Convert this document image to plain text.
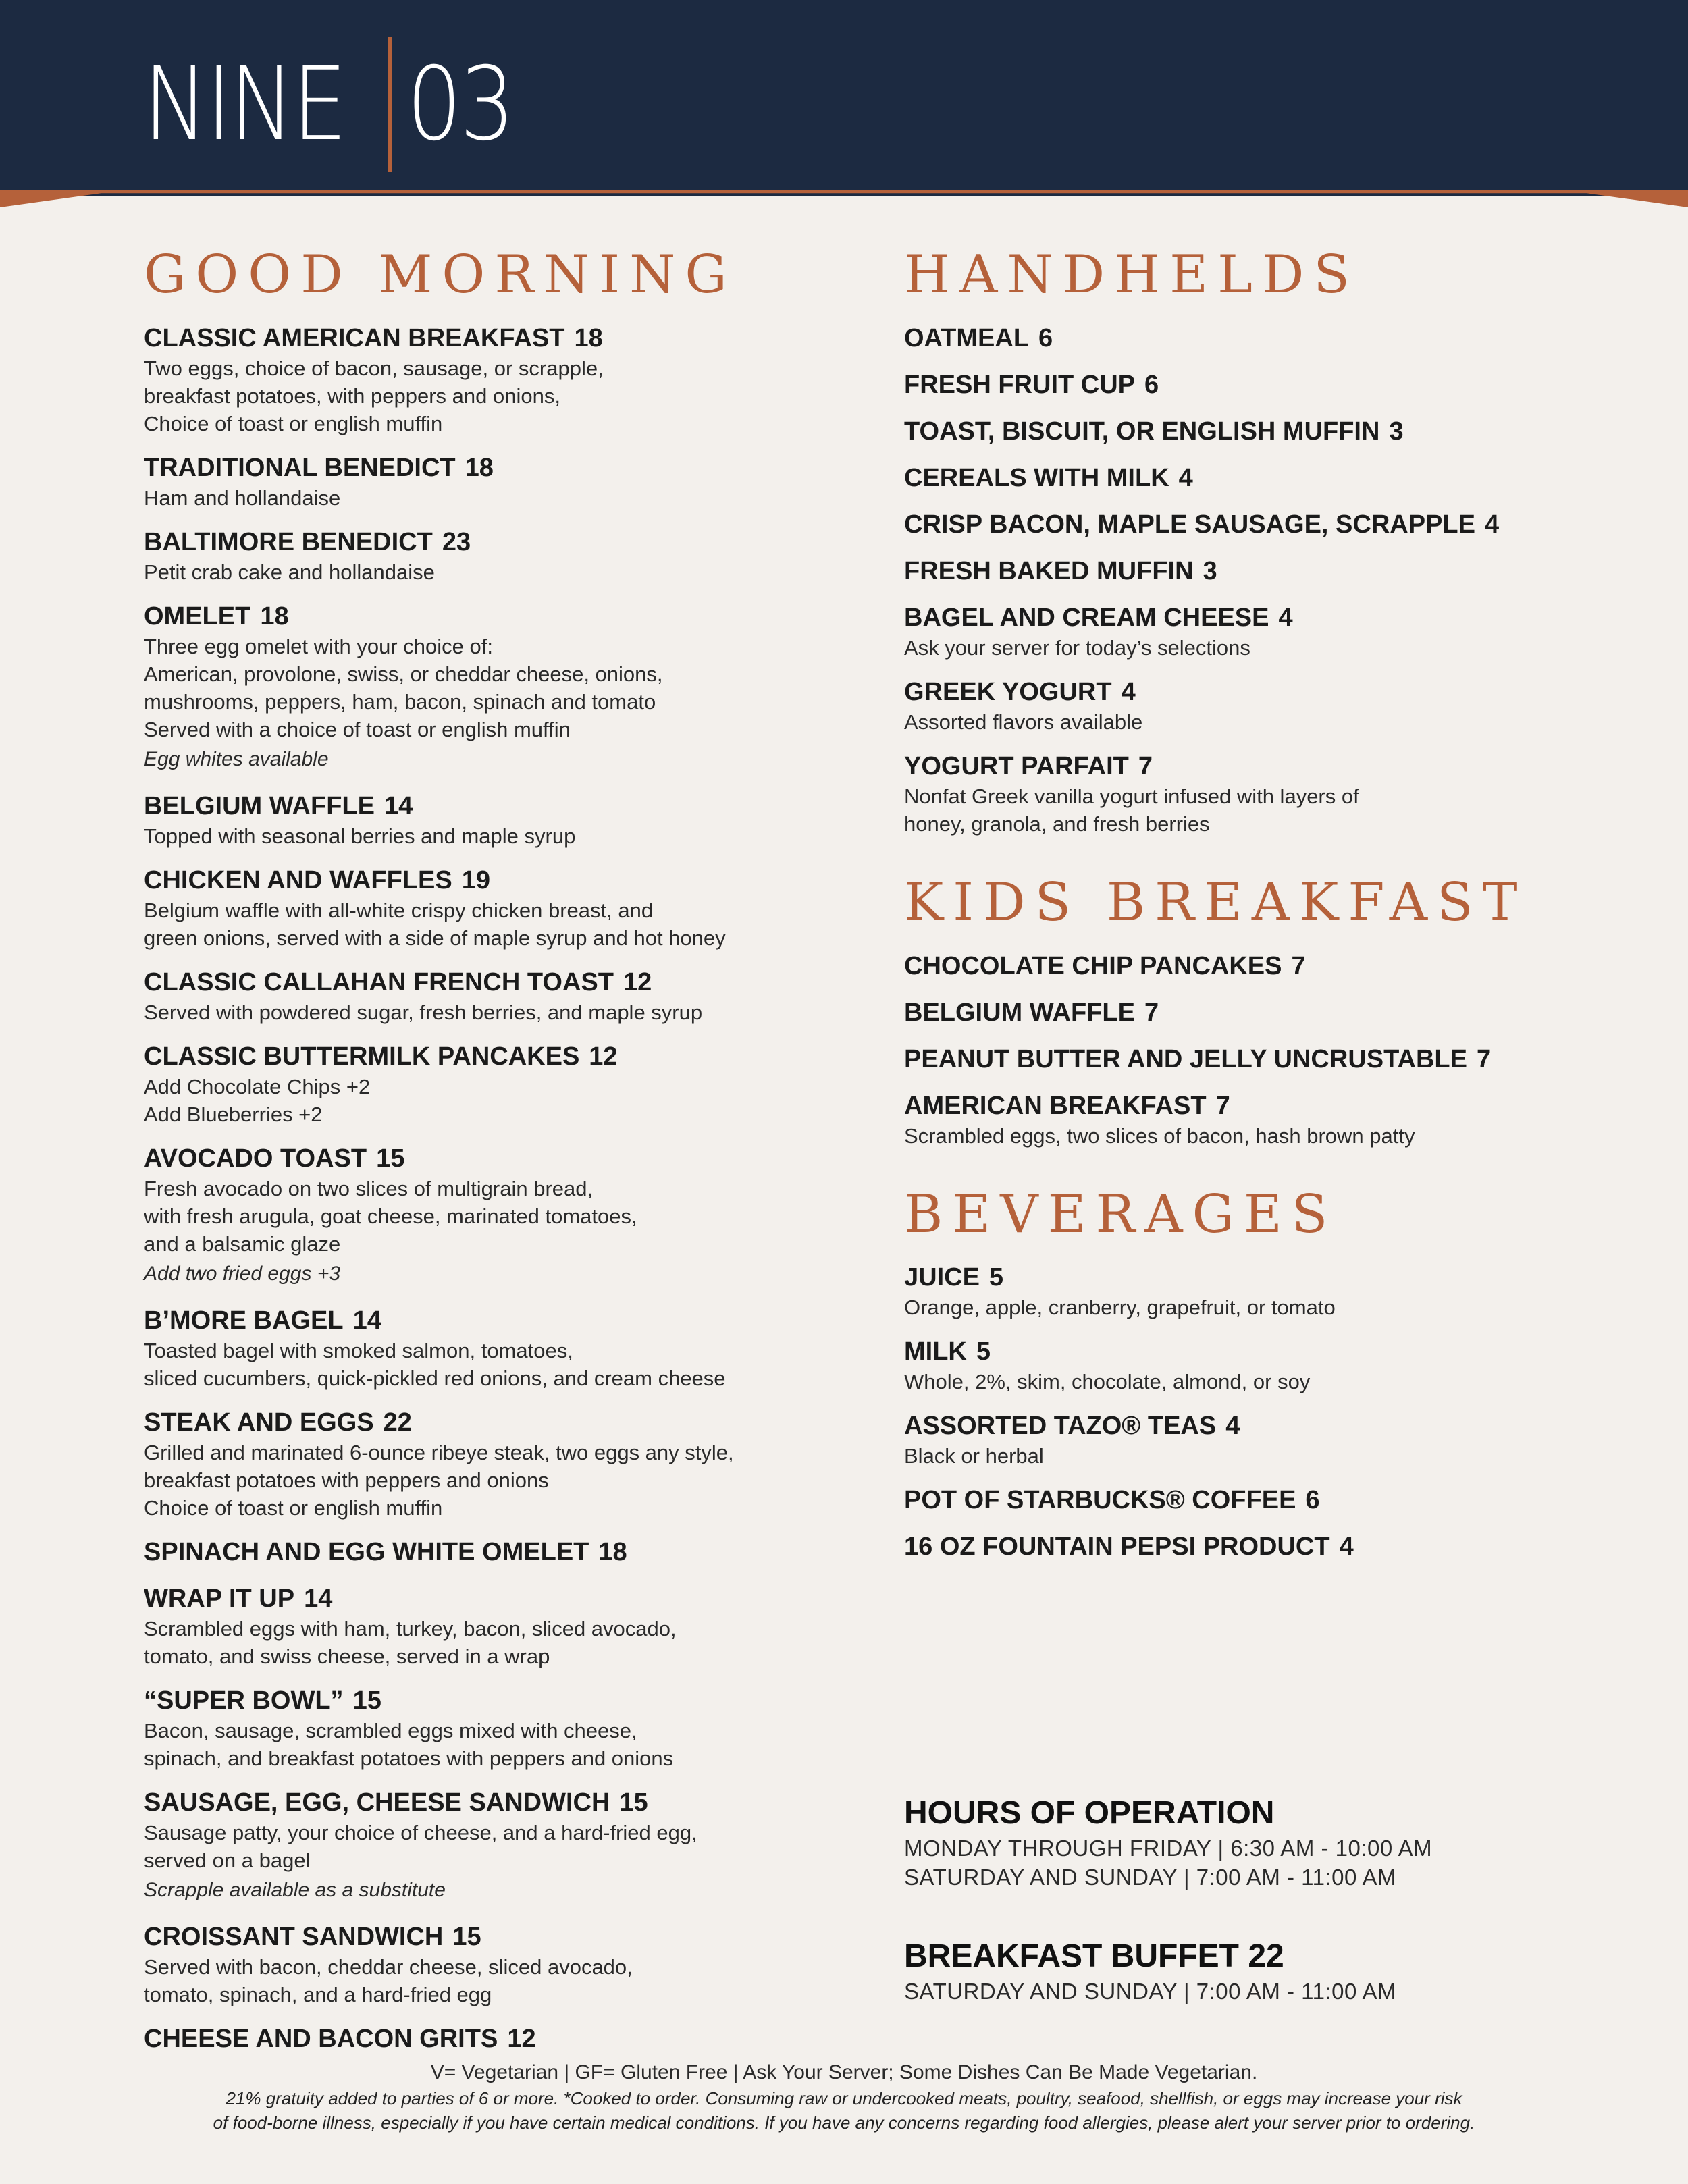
NINE 03
GOOD MORNING
CLASSIC AMERICAN BREAKFAST 18
Two eggs, choice of bacon, sausage, or scrapple,
breakfast potatoes, with peppers and onions,
Choice of toast or english muffin
TRADITIONAL BENEDICT 18
Ham and hollandaise
BALTIMORE BENEDICT 23
Petit crab cake and hollandaise
OMELET 18
Three egg omelet with your choice of:
American, provolone, swiss, or cheddar cheese, onions,
mushrooms, peppers, ham, bacon, spinach and tomato
Served with a choice of toast or english muffin
Egg whites available
BELGIUM WAFFLE 14
Topped with seasonal berries and maple syrup
CHICKEN AND WAFFLES 19
Belgium waffle with all-white crispy chicken breast, and
green onions, served with a side of maple syrup and hot honey
CLASSIC CALLAHAN FRENCH TOAST 12
Served with powdered sugar, fresh berries, and maple syrup
CLASSIC BUTTERMILK PANCAKES 12
Add Chocolate Chips +2
Add Blueberries +2
AVOCADO TOAST 15
Fresh avocado on two slices of multigrain bread,
with fresh arugula, goat cheese, marinated tomatoes,
and a balsamic glaze
Add two fried eggs +3
B’MORE BAGEL 14
Toasted bagel with smoked salmon, tomatoes,
sliced cucumbers, quick-pickled red onions, and cream cheese
STEAK AND EGGS 22
Grilled and marinated 6-ounce ribeye steak, two eggs any style,
breakfast potatoes with peppers and onions
Choice of toast or english muffin
SPINACH AND EGG WHITE OMELET 18
WRAP IT UP 14
Scrambled eggs with ham, turkey, bacon, sliced avocado,
tomato, and swiss cheese, served in a wrap
“SUPER BOWL” 15
Bacon, sausage, scrambled eggs mixed with cheese,
spinach, and breakfast potatoes with peppers and onions
SAUSAGE, EGG, CHEESE SANDWICH 15
Sausage patty, your choice of cheese, and a hard-fried egg,
served on a bagel
Scrapple available as a substitute
CROISSANT SANDWICH 15
Served with bacon, cheddar cheese, sliced avocado,
tomato, spinach, and a hard-fried egg
CHEESE AND BACON GRITS 12
HANDHELDS
OATMEAL 6
FRESH FRUIT CUP 6
TOAST, BISCUIT, OR ENGLISH MUFFIN 3
CEREALS WITH MILK 4
CRISP BACON, MAPLE SAUSAGE, SCRAPPLE 4
FRESH BAKED MUFFIN 3
BAGEL AND CREAM CHEESE 4
Ask your server for today’s selections
GREEK YOGURT 4
Assorted flavors available
YOGURT PARFAIT 7
Nonfat Greek vanilla yogurt infused with layers of
honey, granola, and fresh berries
KIDS BREAKFAST
CHOCOLATE CHIP PANCAKES 7
BELGIUM WAFFLE 7
PEANUT BUTTER AND JELLY UNCRUSTABLE 7
AMERICAN BREAKFAST 7
Scrambled eggs, two slices of bacon, hash brown patty
BEVERAGES
JUICE 5
Orange, apple, cranberry, grapefruit, or tomato
MILK 5
Whole, 2%, skim, chocolate, almond, or soy
ASSORTED TAZO® TEAS 4
Black or herbal
POT OF STARBUCKS® COFFEE 6
16 OZ FOUNTAIN PEPSI PRODUCT 4
HOURS OF OPERATION
MONDAY THROUGH FRIDAY | 6:30 AM - 10:00 AM
SATURDAY AND SUNDAY | 7:00 AM - 11:00 AM
BREAKFAST BUFFET 22
SATURDAY AND SUNDAY | 7:00 AM - 11:00 AM
V= Vegetarian | GF= Gluten Free | Ask Your Server; Some Dishes Can Be Made Vegetarian.
21% gratuity added to parties of 6 or more. *Cooked to order. Consuming raw or undercooked meats, poultry, seafood, shellfish, or eggs may increase your risk
of food-borne illness, especially if you have certain medical conditions. If you have any concerns regarding food allergies, please alert your server prior to ordering.
